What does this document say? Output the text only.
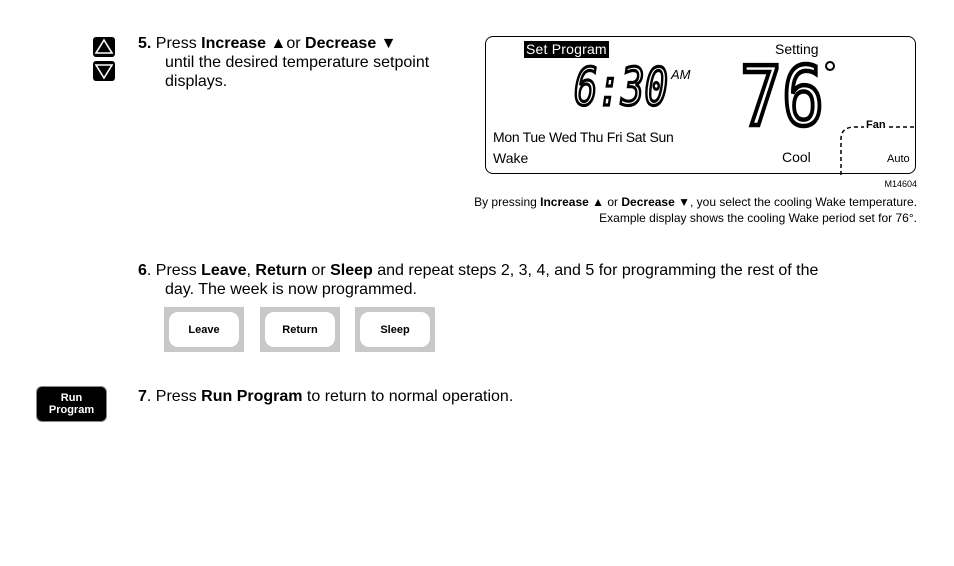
5. Press Increase ▲or Decrease ▼
until the desired temperature setpoint
displays.
Set Program	Setting
6:30 AM 76
Mon Tue Wed Thu Fri Sat Sun
Wake	Cool
Fan
Auto
M14604
By pressing Increase ▲ or Decrease ▼, you select the cooling Wake temperature.
Example display shows the cooling Wake period set for 76°.
6. Press Leave, Return or Sleep and repeat steps 2, 3, 4, and 5 for programming the rest of the
day. The week is now programmed.
Leave	Return	Sleep
Run
Program
7. Press Run Program to return to normal operation.
